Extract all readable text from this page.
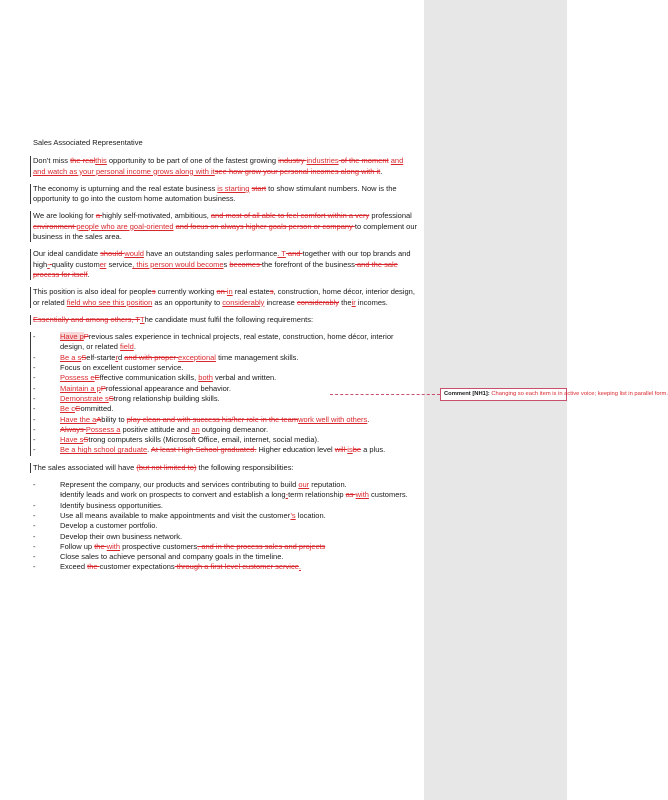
Sales Associated Representative

Don’t miss the realthis opportunity to be part of one of the fastest growing industry industries of the moment and and watch as your personal income grows along with itsee how grow your personal incomes along with it.

The economy is upturning and the real estate business is starting start to show stimulant numbers. Now is the opportunity to go into the custom home automation business.

We are looking for a highly self-motivated, ambitious, and most of all able to feel comfort within a very professional environment people who are goal-oriented and focus on always higher goals person or company to complement our business in the sales area.

Our ideal candidate should would have an outstanding sales performance. T and together with our top brands and high- quality customer service, this person would becomes becomes the forefront of the business and the sale process for itself.

This position is also ideal for peoples currently working on in real estates, construction, home décor, interior design, or related field who see this position as an opportunity to considerably increase considerably their incomes.

Essentially and among others, TThe candidate must fulfil the following requirements:

- Have pPrevious sales experience in technical projects, real estate, construction, home décor, interior design, or related field.
- Be a sSelf-starterd and with proper exceptional time management skills.
- Focus on excellent customer service.
- Possess eEffective communication skills, both verbal and written.
- Maintain a pProfessional appearance and behavior.
- Demonstrate sStrong relationship building skills.
- Be cCommitted.
- Have the aAbility to play clean and with success his/her role in the teamwork well with others.
- Always Possess a positive attitude and an outgoing demeanor.
- Have sStrong computers skills (Microsoft Office, email, internet, social media).
- Be a high school graduate. At least High School graduated. Higher education level will isbe a plus.

The sales associated will have (but not limited to) the following responsibilities:

- Represent the company, our products and services contributing to build our reputation.
- Identify leads and work on prospects to convert and establish a long-term relationship as with customers.
- Identify business opportunities.
- Use all means available to make appointments and visit the customer’s location.
- Develop a customer portfolio.
- Develop their own business network.
- Follow up the with prospective customers, and in the process sales and projects
- Close sales to achieve personal and company goals in the timeline.
- Exceed the customer expectations through a first level customer service.
Comment [NH1]: Changing so each item is in active voice; keeping list in parallel form.
